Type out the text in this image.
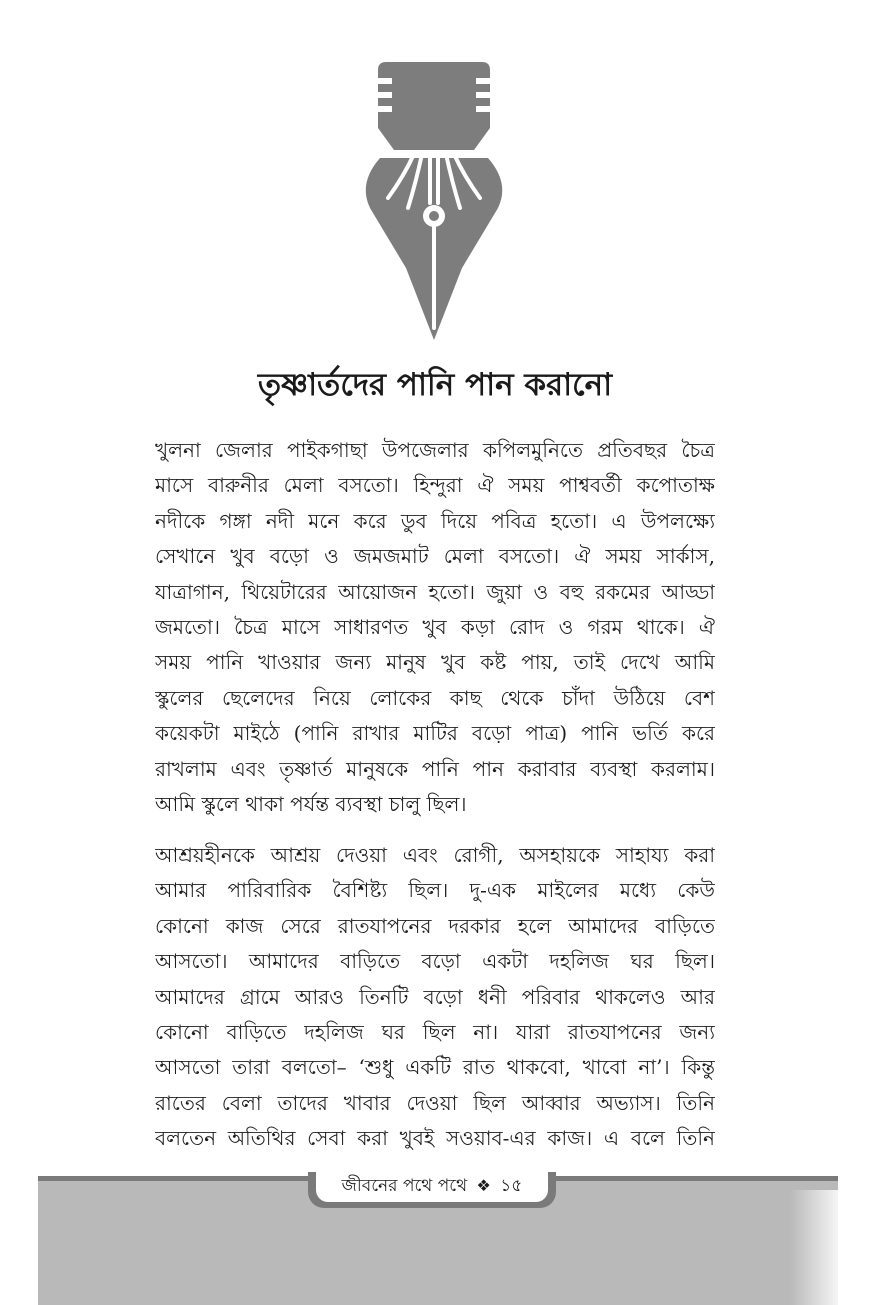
তৃষ্ণার্তদের পানি পান করানো
খুলনা জেলার পাইকগাছা উপজেলার কপিলমুনিতে প্রতিবছর চৈত্র
মাসে বারুনীর মেলা বসতো। হিন্দুরা ঐ সময় পাশ্ববর্তী কপোতাক্ষ
নদীকে গঙ্গা নদী মনে করে ডুব দিয়ে পবিত্র হতো। এ উপলক্ষ্যে
সেখানে খুব বড়ো ও জমজমাট মেলা বসতো। ঐ সময় সার্কাস,
যাত্রাগান, থিয়েটারের আয়োজন হতো। জুয়া ও বহু রকমের আড্ডা
জমতো। চৈত্র মাসে সাধারণত খুব কড়া রোদ ও গরম থাকে। ঐ
সময় পানি খাওয়ার জন্য মানুষ খুব কষ্ট পায়, তাই দেখে আমি
স্কুলের ছেলেদের নিয়ে লোকের কাছ থেকে চাঁদা উঠিয়ে বেশ
কয়েকটা মাইঠে (পানি রাখার মাটির বড়ো পাত্র) পানি ভর্তি করে
রাখলাম এবং তৃষ্ণার্ত মানুষকে পানি পান করাবার ব্যবস্থা করলাম।
আমি স্কুলে থাকা পর্যন্ত ব্যবস্থা চালু ছিল।
আশ্রয়হীনকে আশ্রয় দেওয়া এবং রোগী, অসহায়কে সাহায্য করা
আমার পারিবারিক বৈশিষ্ট্য ছিল। দু-এক মাইলের মধ্যে কেউ
কোনো কাজ সেরে রাতযাপনের দরকার হলে আমাদের বাড়িতে
আসতো। আমাদের বাড়িতে বড়ো একটা দহলিজ ঘর ছিল।
আমাদের গ্রামে আরও তিনটি বড়ো ধনী পরিবার থাকলেও আর
কোনো বাড়িতে দহলিজ ঘর ছিল না। যারা রাতযাপনের জন্য
আসতো তারা বলতো– ‘শুধু একটি রাত থাকবো, খাবো না’। কিন্তু
রাতের বেলা তাদের খাবার দেওয়া ছিল আব্বার অভ্যাস। তিনি
বলতেন অতিথির সেবা করা খুবই সওয়াব-এর কাজ। এ বলে তিনি
জীবনের পথে পথে ❖ ১৫
